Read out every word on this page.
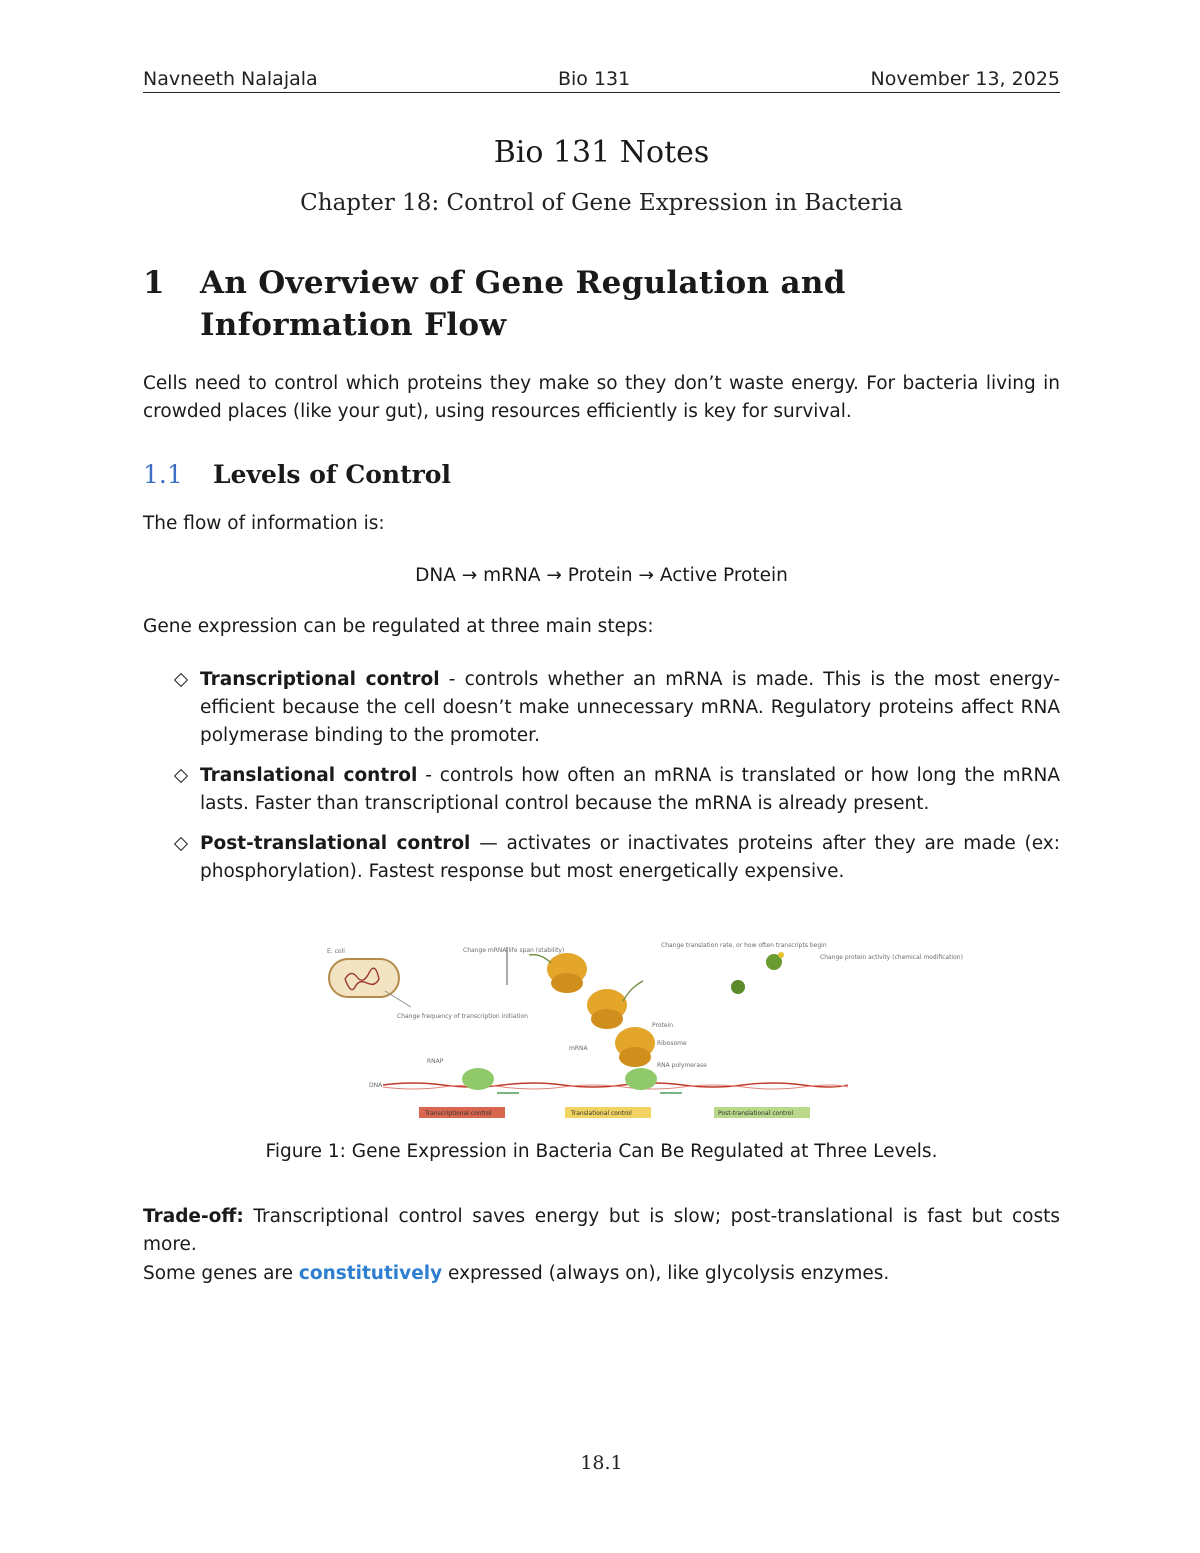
Navneeth Nalajala	Bio 131	November 13, 2025
Bio 131 Notes
Chapter 18: Control of Gene Expression in Bacteria
1 An Overview of Gene Regulation and Information Flow
Cells need to control which proteins they make so they don’t waste energy. For bacteria living in crowded places (like your gut), using resources efficiently is key for survival.
1.1 Levels of Control
The flow of information is:
DNA → mRNA → Protein → Active Protein
Gene expression can be regulated at three main steps:
Transcriptional control - controls whether an mRNA is made. This is the most energy-efficient because the cell doesn’t make unnecessary mRNA. Regulatory proteins affect RNA polymerase binding to the promoter.
Translational control - controls how often an mRNA is translated or how long the mRNA lasts. Faster than transcriptional control because the mRNA is already present.
Post-translational control — activates or inactivates proteins after they are made (ex: phosphorylation). Fastest response but most energetically expensive.
E. coli	Change mRNA life span (stability)
Change translation rate, or how often transcripts begin
Change protein activity (chemical modification)
Protein
Ribosome
mRNA
RNA polymerase
Change frequency of transcription initiation
RNAP
DNA
Transcriptional control	Translational control	Post-translational control
Figure 1: Gene Expression in Bacteria Can Be Regulated at Three Levels.
Trade-off: Transcriptional control saves energy but is slow; post-translational is fast but costs more.
Some genes are constitutively expressed (always on), like glycolysis enzymes.
18.1
